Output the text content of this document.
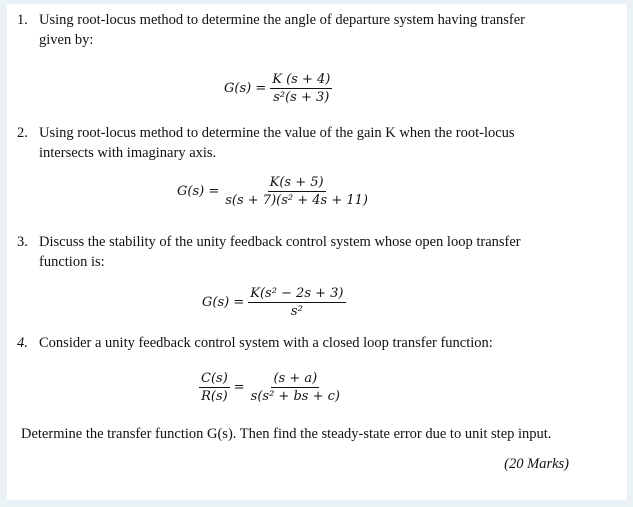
1. Using root-locus method to determine the angle of departure system having transfer
given by:
$G(s) = \frac{K (s + 4)}{\text{s²(s + 3)}}$
2. Using root-locus method to determine the value of the gain K when the root-locus
intersects with imaginary axis.
$G(s) = \frac{K(s + 5)}{\text{s(s + 7)(s² + 4s + 11)}}$
3. Discuss the stability of the unity feedback control system whose open loop transfer
function is:
$G(s) = \frac{\text{K(s² − 2s + 3)}}{\text{s²}}$
4. Consider a unity feedback control system with a closed loop transfer function:
$\frac{C(s)}{R(s)} = \frac{(s + a)}{\text{s(s² + bs + c)}}$
Determine the transfer function G(s). Then find the steady-state error due to unit step input.
(20 Marks)
